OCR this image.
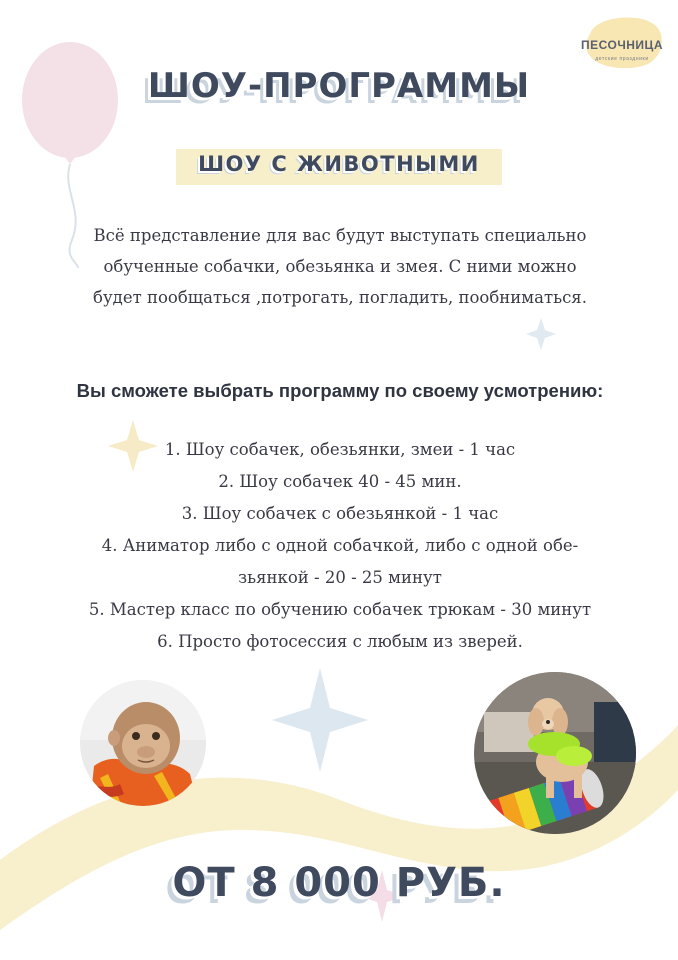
ПЕСОЧНИЦА
детские праздники
ШОУ-ПРОГРАММЫ
ШОУ С ЖИВОТНЫМИ
Всё представление для вас будут выступать специально
обученные собачки, обезьянка и змея. С ними можно
будет пообщаться ,потрогать, погладить, пообниматься.
Вы сможете выбрать программу по своему усмотрению:
1. Шоу собачек, обезьянки, змеи - 1 час
2. Шоу собачек 40 - 45 мин.
3. Шоу собачек с обезьянкой - 1 час
4. Аниматор либо с одной собачкой, либо с одной обе-
зьянкой - 20 - 25 минут
5. Мастер класс по обучению собачек трюкам - 30 минут
6. Просто фотосессия с любым из зверей.
ОТ 8 000 РУБ.
